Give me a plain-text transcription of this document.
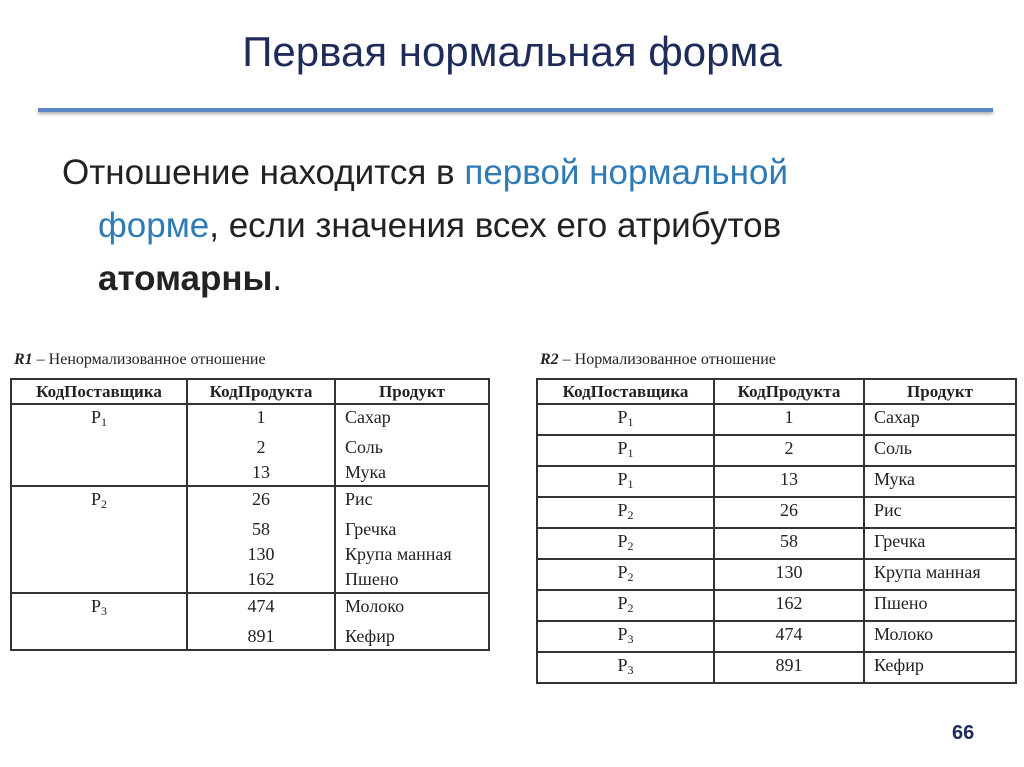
Первая нормальная форма
Отношение находится в первой нормальной
форме, если значения всех его атрибутов
атомарны.
R1 – Ненормализованное отношение
КодПоставщика	КодПродукта	Продукт
$P_1$	1	Сахар
	2	Соль
	13	Мука
$P_2$	26	Рис
	58	Гречка
	130	Крупа манная
	162	Пшено
$P_3$	474	Молоко
	891	Кефир
R2 – Нормализованное отношение
КодПоставщика	КодПродукта	Продукт
$P_1$	1	Сахар
$P_1$	2	Соль
$P_1$	13	Мука
$P_2$	26	Рис
$P_2$	58	Гречка
$P_2$	130	Крупа манная
$P_2$	162	Пшено
$P_3$	474	Молоко
$P_3$	891	Кефир
66
